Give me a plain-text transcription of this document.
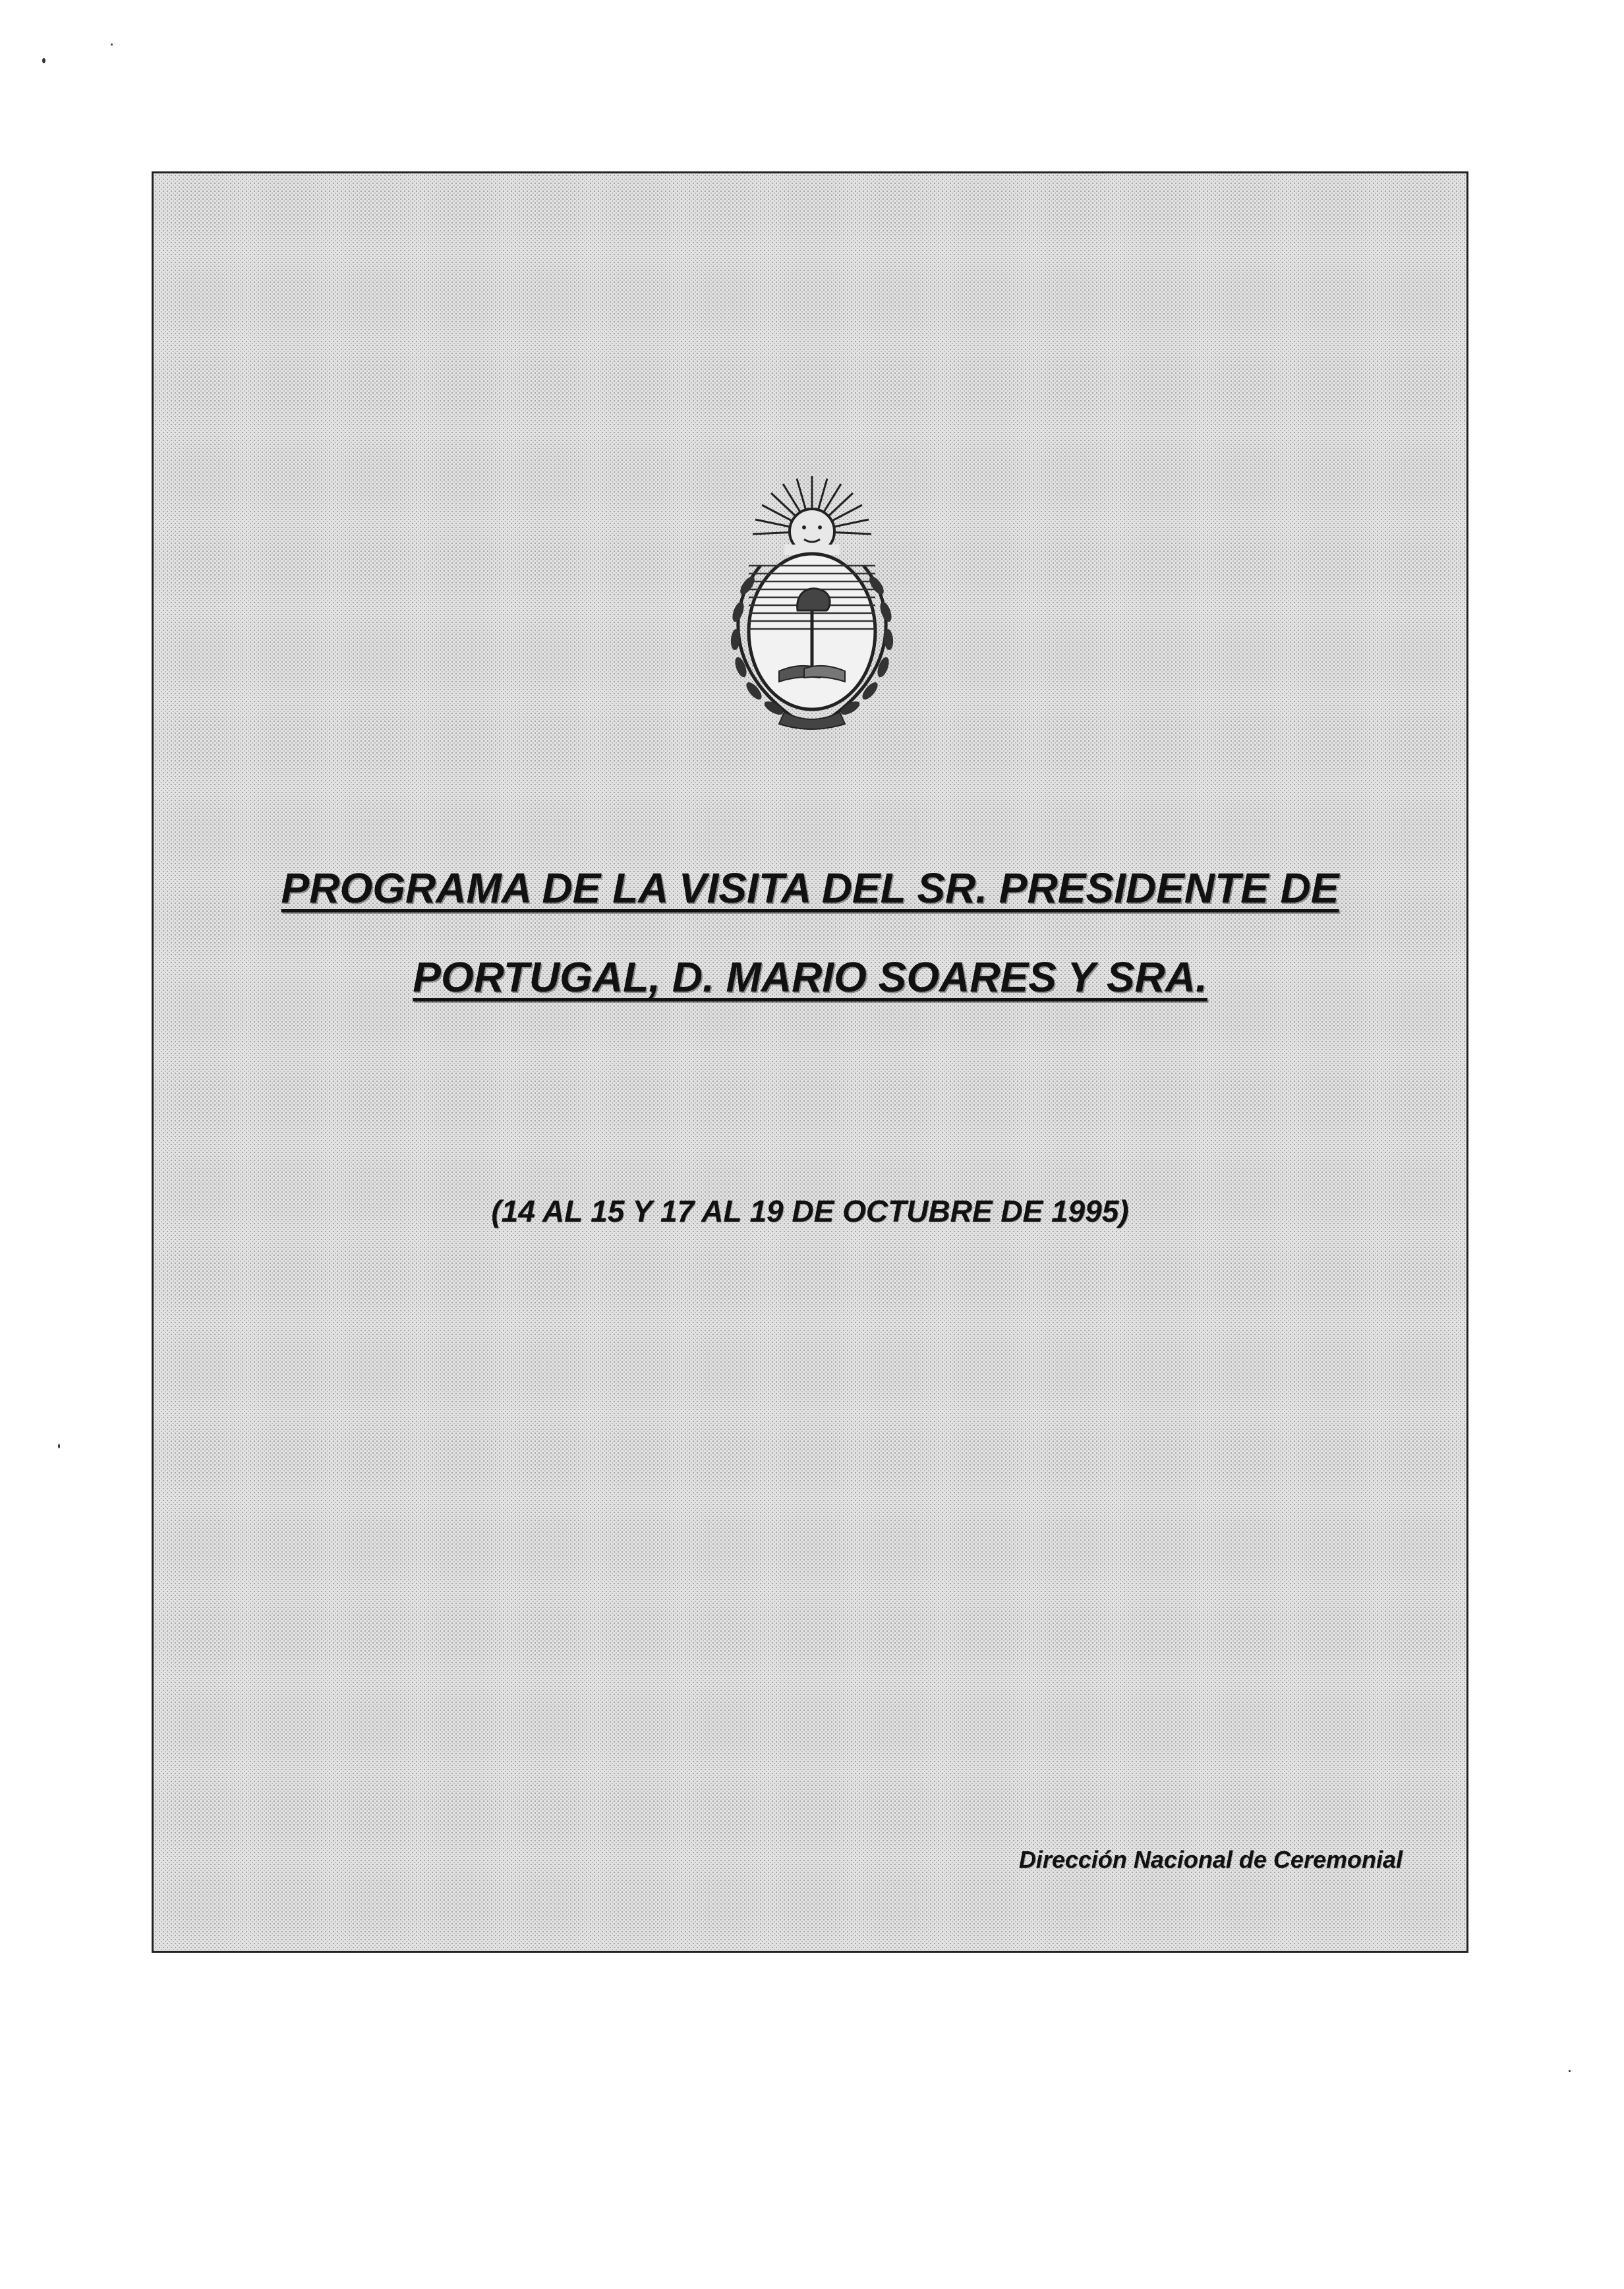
PROGRAMA DE LA VISITA DEL SR. PRESIDENTE DE
PORTUGAL, D. MARIO SOARES Y SRA.
(14 AL 15 Y 17 AL 19 DE OCTUBRE DE 1995)
Dirección Nacional de Ceremonial
